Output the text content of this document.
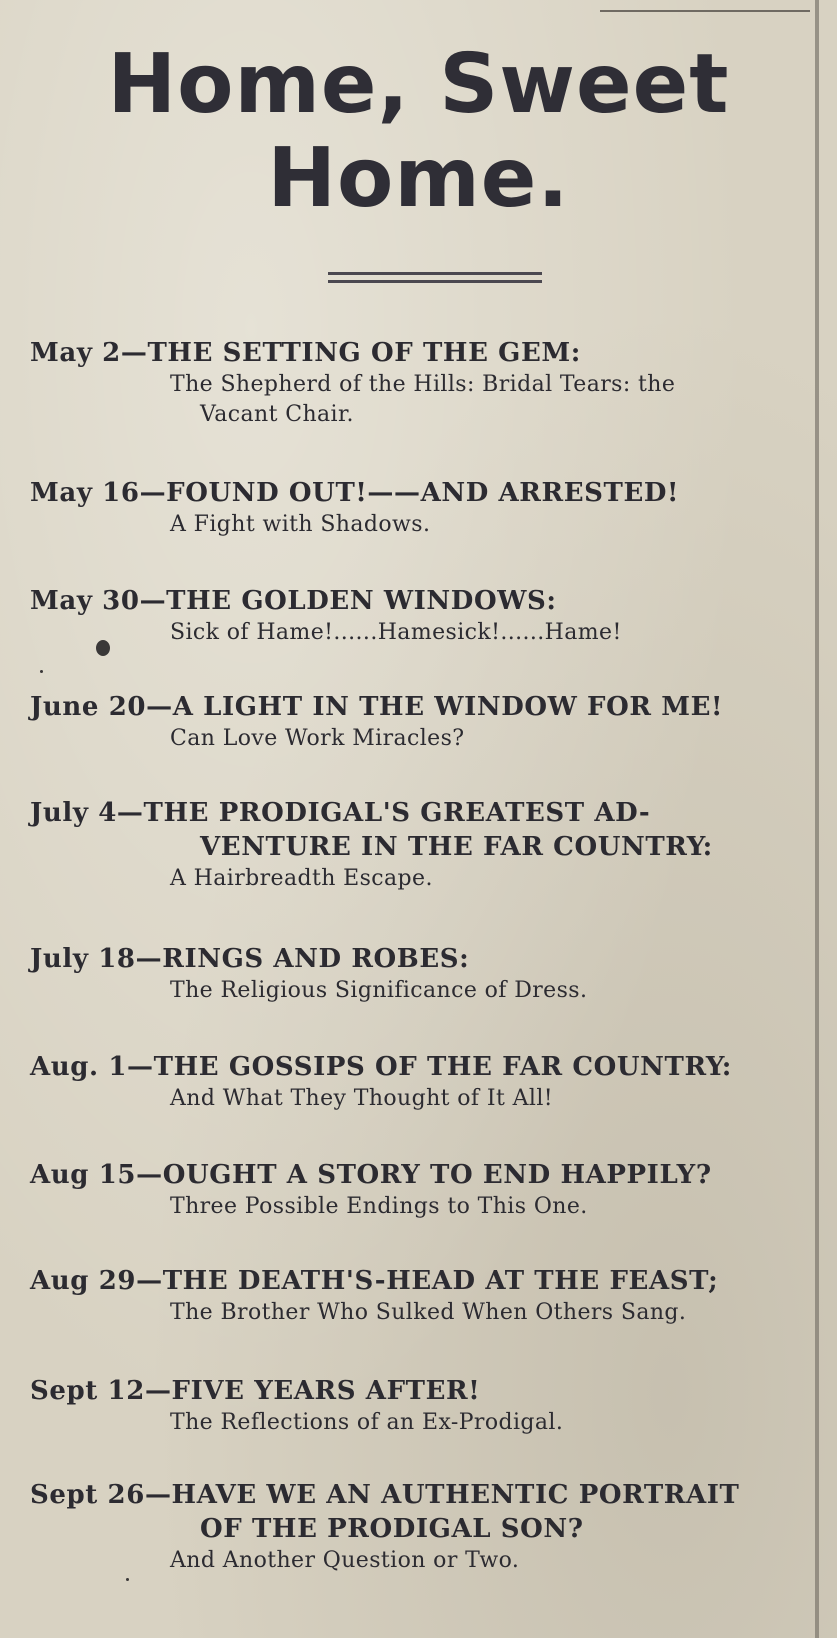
Home, Sweet
Home.
May 2—THE SETTING OF THE GEM:
The Shepherd of the Hills: Bridal Tears: the
Vacant Chair.
May 16—FOUND OUT!——AND ARRESTED!
A Fight with Shadows.
May 30—THE GOLDEN WINDOWS:
Sick of Hame!......Hamesick!......Hame!
June 20—A LIGHT IN THE WINDOW FOR ME!
Can Love Work Miracles?
July 4—THE PRODIGAL'S GREATEST AD-
VENTURE IN THE FAR COUNTRY:
A Hairbreadth Escape.
July 18—RINGS AND ROBES:
The Religious Significance of Dress.
Aug. 1—THE GOSSIPS OF THE FAR COUNTRY:
And What They Thought of It All!
Aug 15—OUGHT A STORY TO END HAPPILY?
Three Possible Endings to This One.
Aug 29—THE DEATH'S-HEAD AT THE FEAST;
The Brother Who Sulked When Others Sang.
Sept 12—FIVE YEARS AFTER!
The Reflections of an Ex-Prodigal.
Sept 26—HAVE WE AN AUTHENTIC PORTRAIT
OF THE PRODIGAL SON?
And Another Question or Two.
